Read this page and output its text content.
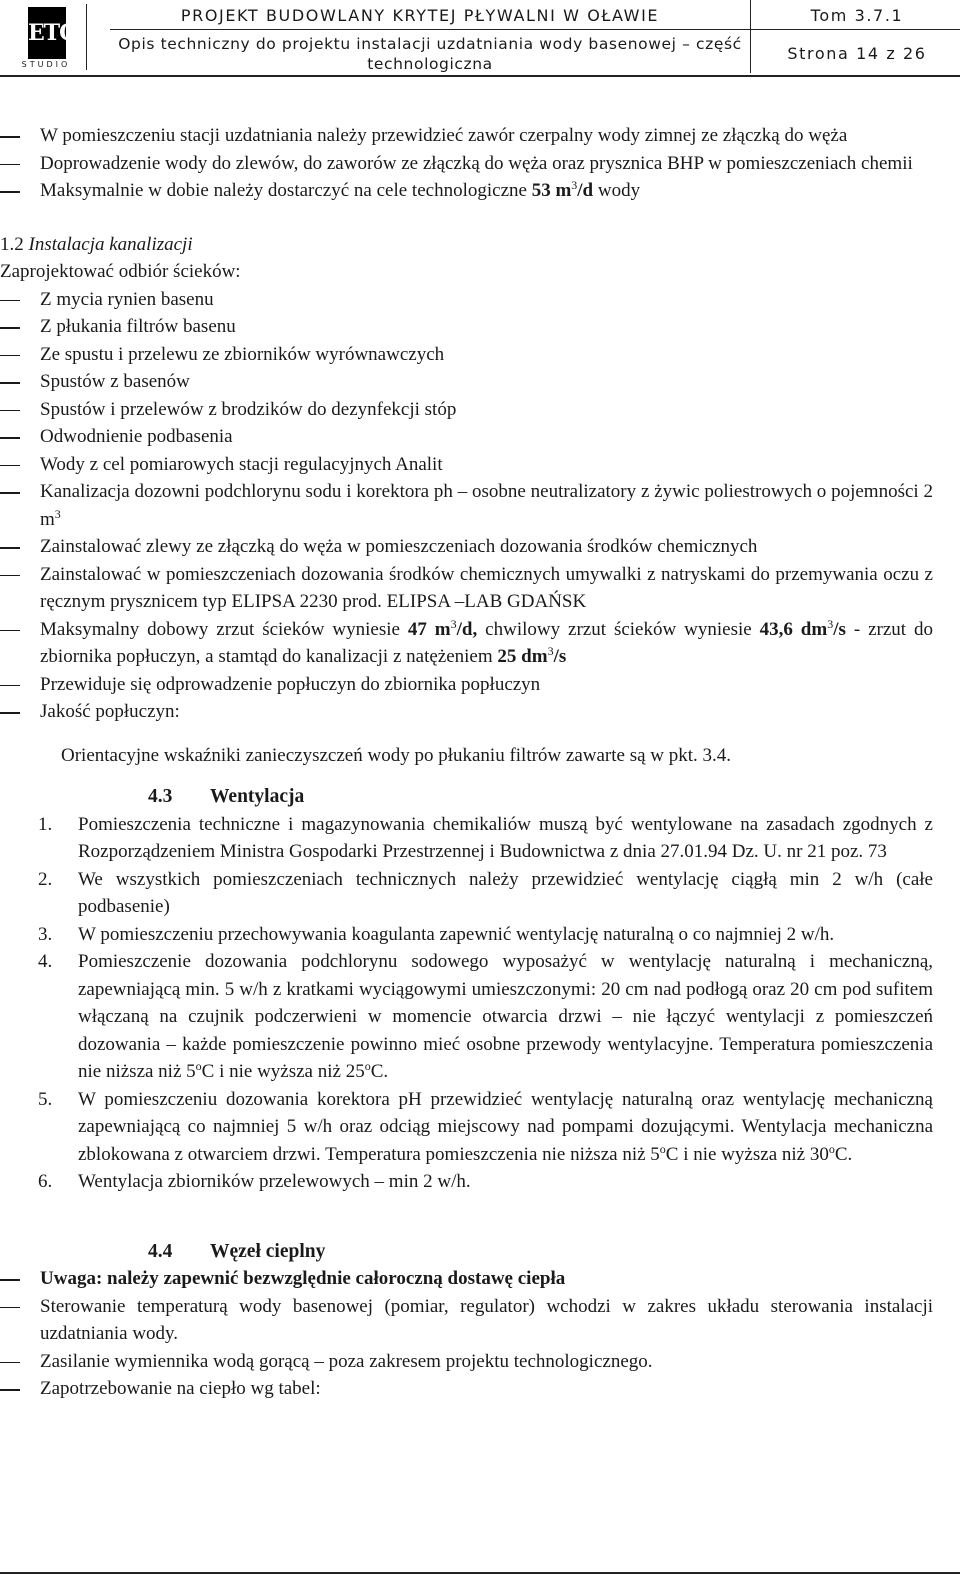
ETC
STUDIO
PROJEKT BUDOWLANY KRYTEJ PŁYWALNI W OŁAWIE
Opis techniczny do projektu instalacji uzdatniania wody basenowej – część technologiczna
Tom 3.7.1
Strona 14 z 26
W pomieszczeniu stacji uzdatniania należy przewidzieć zawór czerpalny wody zimnej ze złączką do węża
Doprowadzenie wody do zlewów, do zaworów ze złączką do węża oraz prysznica BHP w pomieszczeniach chemii
Maksymalnie w dobie należy dostarczyć na cele technologiczne 53 $m^3/d$ wody
1.2 Instalacja kanalizacji
Zaprojektować odbiór ścieków:
Z mycia rynien basenu
Z płukania filtrów basenu
Ze spustu i przelewu ze zbiorników wyrównawczych
Spustów z basenów
Spustów i przelewów z brodzików do dezynfekcji stóp
Odwodnienie podbasenia
Wody z cel pomiarowych stacji regulacyjnych Analit
Kanalizacja dozowni podchlorynu sodu i korektora ph – osobne neutralizatory z żywic poliestrowych o pojemności 2 $m^3$
Zainstalować zlewy ze złączką do węża w pomieszczeniach dozowania środków chemicznych
Zainstalować w pomieszczeniach dozowania środków chemicznych umywalki z natryskami do przemywania oczu z ręcznym prysznicem typ ELIPSA 2230 prod. ELIPSA –LAB GDAŃSK
Maksymalny dobowy zrzut ścieków wyniesie 47 $m^3/d$, chwilowy zrzut ścieków wyniesie 43,6 $dm^3/s$ - zrzut do zbiornika popłuczyn, a stamtąd do kanalizacji z natężeniem 25 $dm^3/s$
Przewiduje się odprowadzenie popłuczyn do zbiornika popłuczyn
Jakość popłuczyn:
Orientacyjne wskaźniki zanieczyszczeń wody po płukaniu filtrów zawarte są w pkt. 3.4.
4.3 Wentylacja
1. Pomieszczenia techniczne i magazynowania chemikaliów muszą być wentylowane na zasadach zgodnych z Rozporządzeniem Ministra Gospodarki Przestrzennej i Budownictwa z dnia 27.01.94 Dz. U. nr 21 poz. 73
2. We wszystkich pomieszczeniach technicznych należy przewidzieć wentylację ciągłą min 2 w/h (całe podbasenie)
3. W pomieszczeniu przechowywania koagulanta zapewnić wentylację naturalną o co najmniej 2 w/h.
4. Pomieszczenie dozowania podchlorynu sodowego wyposażyć w wentylację naturalną i mechaniczną, zapewniającą min. 5 w/h z kratkami wyciągowymi umieszczonymi: 20 cm nad podłogą oraz 20 cm pod sufitem włączaną na czujnik podczerwieni w momencie otwarcia drzwi – nie łączyć wentylacji z pomieszczeń dozowania – każde pomieszczenie powinno mieć osobne przewody wentylacyjne. Temperatura pomieszczenia nie niższa niż 5$^o$C i nie wyższa niż 25$^o$C.
5. W pomieszczeniu dozowania korektora pH przewidzieć wentylację naturalną oraz wentylację mechaniczną zapewniającą co najmniej 5 w/h oraz odciąg miejscowy nad pompami dozującymi. Wentylacja mechaniczna zblokowana z otwarciem drzwi. Temperatura pomieszczenia nie niższa niż 5$^o$C i nie wyższa niż 30$^o$C.
6. Wentylacja zbiorników przelewowych – min 2 w/h.
4.4 Węzeł cieplny
Uwaga: należy zapewnić bezwzględnie całoroczną dostawę ciepła
Sterowanie temperaturą wody basenowej (pomiar, regulator) wchodzi w zakres układu sterowania instalacji uzdatniania wody.
Zasilanie wymiennika wodą gorącą – poza zakresem projektu technologicznego.
Zapotrzebowanie na ciepło wg tabel:
